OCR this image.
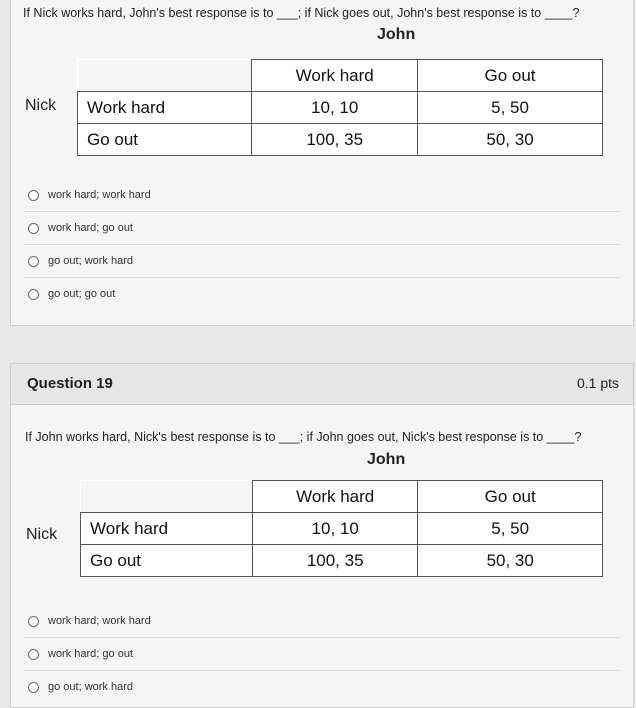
If Nick works hard, John's best response is to ___; if Nick goes out, John's best response is to ____?
John
Nick
	Work hard	Go out
Work hard	10, 10	5, 50
Go out	100, 35	50, 30
work hard; work hard
work hard; go out
go out; work hard
go out; go out
Question 19	0.1 pts
If John works hard, Nick's best response is to ___; if John goes out, Nick's best response is to ____?
John
Nick
	Work hard	Go out
Work hard	10, 10	5, 50
Go out	100, 35	50, 30
work hard; work hard
work hard; go out
go out; work hard
